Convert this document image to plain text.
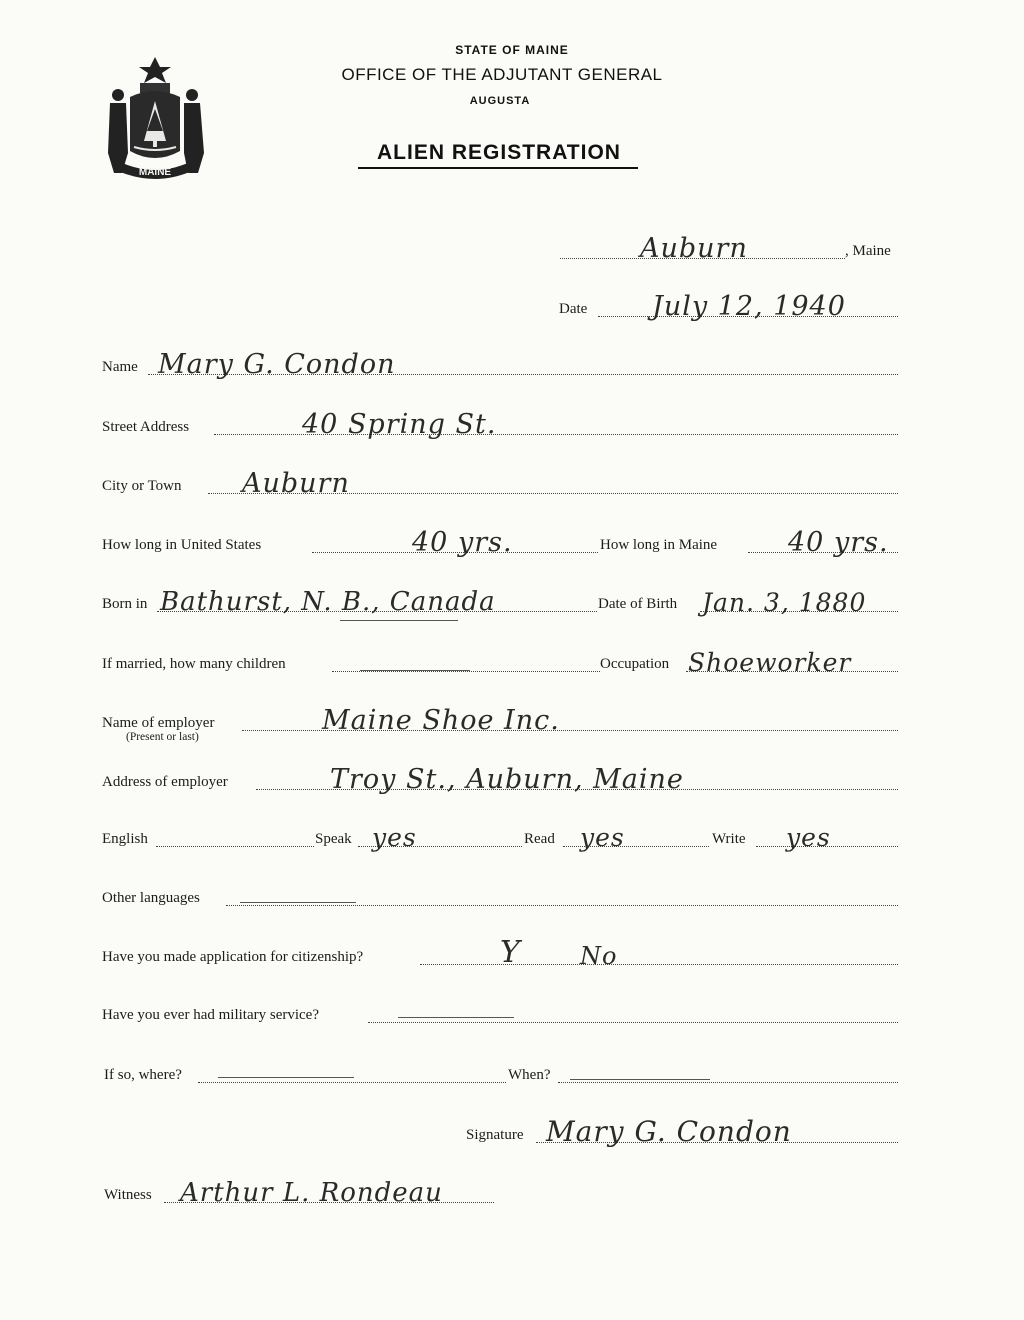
MAINE
STATE OF MAINE
OFFICE OF THE ADJUTANT GENERAL
AUGUSTA
ALIEN REGISTRATION
Auburn	, Maine
Date July 12, 1940
Name Mary G. Condon
Street Address	40 Spring St.
City or Town Auburn
How long in United States	40 yrs.	How long in Maine	40 yrs.
Born in Bathurst, N. B., Canada	Date of Birth Jan. 3, 1880
If married, how many children	Occupation Shoeworker
Name of employer	Maine Shoe Inc.
(Present or last)
Address of employer	Troy St., Auburn, Maine
English	Speak yes	Read yes	Write yes
Other languages
Have you made application for citizenship?	Y No
Have you ever had military service?
If so, where?	When?
Signature Mary G. Condon
Witness Arthur L. Rondeau
